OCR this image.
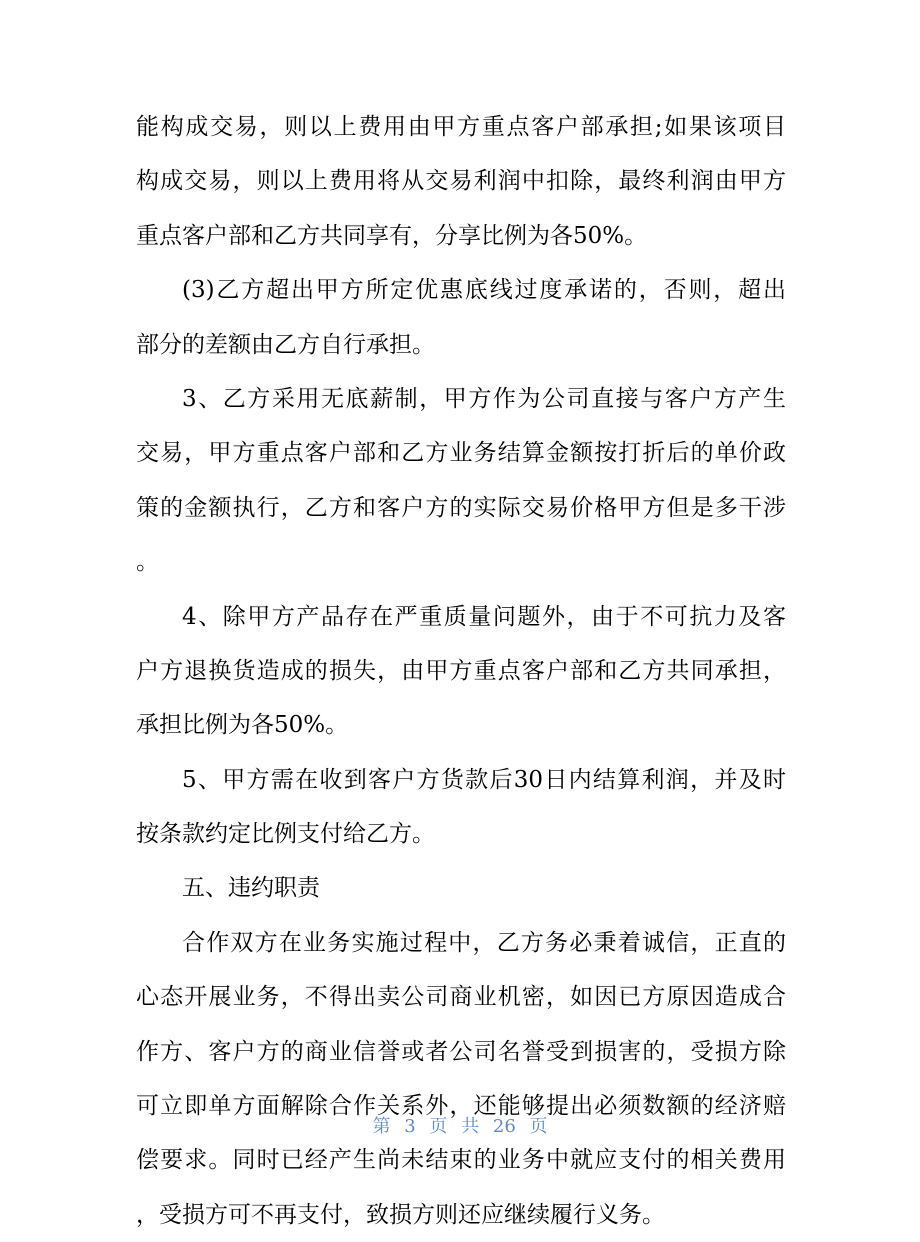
能构成交易，则以上费用由甲方重点客户部承担;如果该项目
构成交易，则以上费用将从交易利润中扣除，最终利润由甲方
重点客户部和乙方共同享有，分享比例为各50%。
(3)乙方超出甲方所定优惠底线过度承诺的，否则，超出
部分的差额由乙方自行承担。
3、乙方采用无底薪制，甲方作为公司直接与客户方产生
交易，甲方重点客户部和乙方业务结算金额按打折后的单价政
策的金额执行，乙方和客户方的实际交易价格甲方但是多干涉
。
4、除甲方产品存在严重质量问题外，由于不可抗力及客
户方退换货造成的损失，由甲方重点客户部和乙方共同承担，
承担比例为各50%。
5、甲方需在收到客户方货款后30日内结算利润，并及时
按条款约定比例支付给乙方。
五、违约职责
合作双方在业务实施过程中，乙方务必秉着诚信，正直的
心态开展业务，不得出卖公司商业机密，如因已方原因造成合
作方、客户方的商业信誉或者公司名誉受到损害的，受损方除
可立即单方面解除合作关系外，还能够提出必须数额的经济赔
偿要求。同时已经产生尚未结束的业务中就应支付的相关费用
，受损方可不再支付，致损方则还应继续履行义务。
第 3 页 共 26 页
